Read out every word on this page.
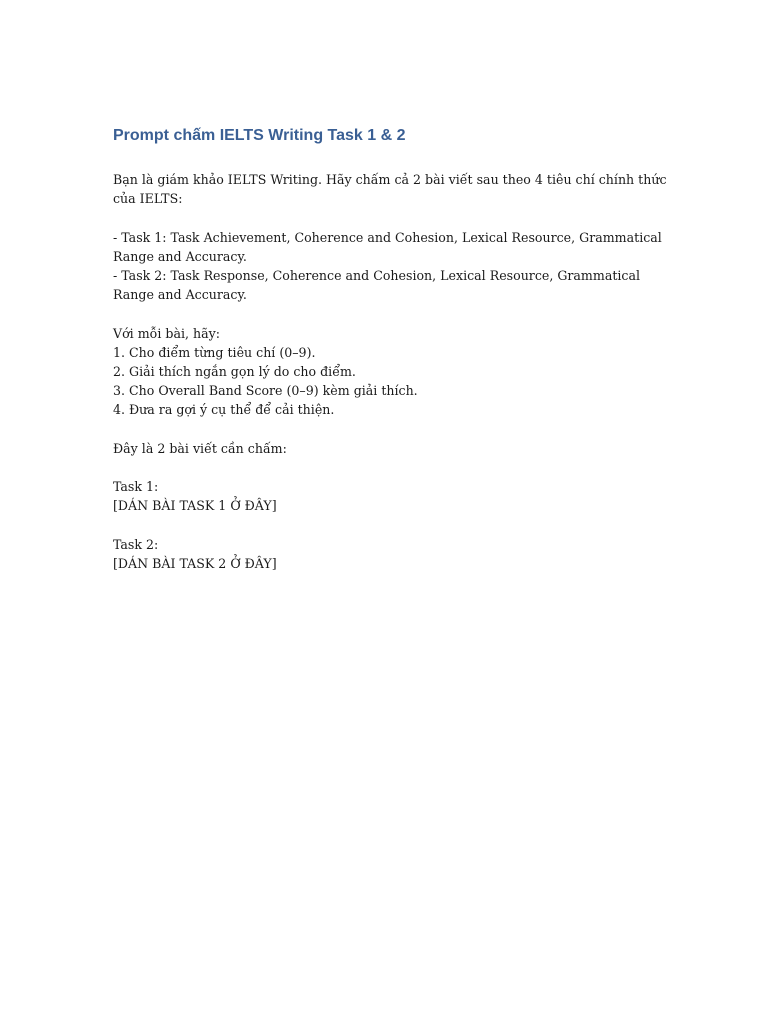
Prompt chấm IELTS Writing Task 1 & 2

Bạn là giám khảo IELTS Writing. Hãy chấm cả 2 bài viết sau theo 4 tiêu chí chính thức của IELTS:

- Task 1: Task Achievement, Coherence and Cohesion, Lexical Resource, Grammatical Range and Accuracy.
- Task 2: Task Response, Coherence and Cohesion, Lexical Resource, Grammatical Range and Accuracy.

Với mỗi bài, hãy:
1. Cho điểm từng tiêu chí (0–9).
2. Giải thích ngắn gọn lý do cho điểm.
3. Cho Overall Band Score (0–9) kèm giải thích.
4. Đưa ra gợi ý cụ thể để cải thiện.

Đây là 2 bài viết cần chấm:

Task 1:
[DÁN BÀI TASK 1 Ở ĐÂY]

Task 2:
[DÁN BÀI TASK 2 Ở ĐÂY]
